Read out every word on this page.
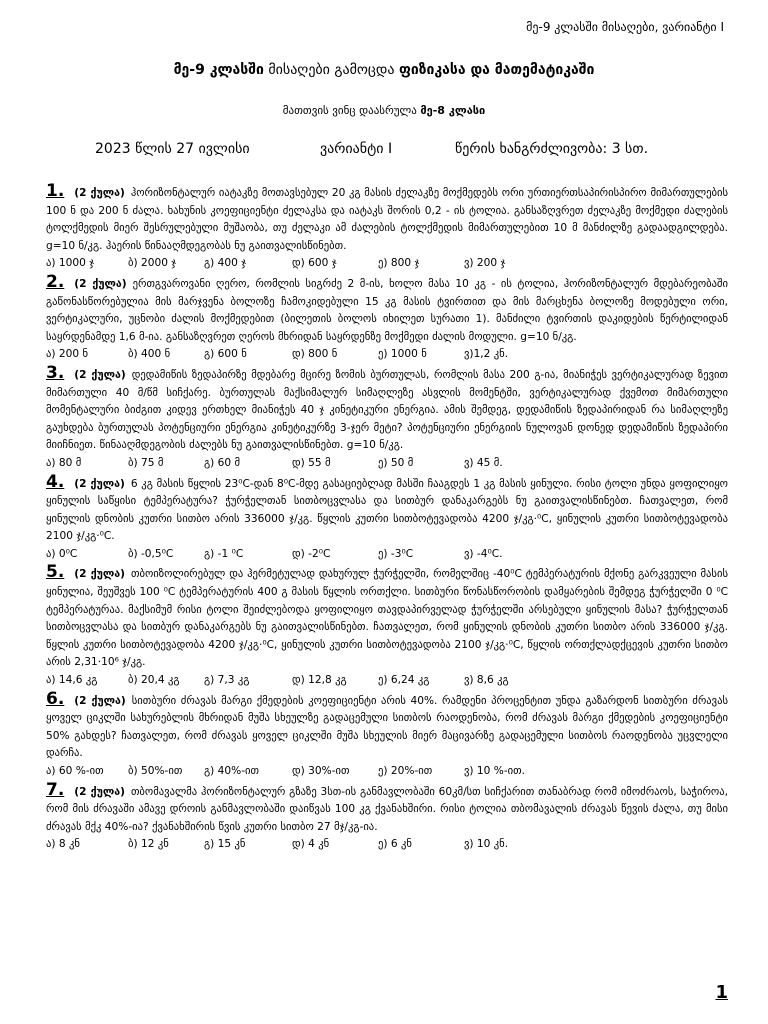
მე-9 კლასში მისაღები, ვარიანტი I
მე-9 კლასში მისაღები გამოცდა ფიზიკასა და მათემატიკაში
მათთვის ვინც დაასრულა მე-8 კლასი
2023 წლის 27 ივლისი	ვარიანტი I	წერის ხანგრძლივობა: 3 სთ.
1. (2 ქულა) ჰორიზონტალურ იატაკზე მოთავსებულ 20 კგ მასის ძელაკზე მოქმედებს ორი ურთიერთსაპირისპირო მიმართულების 100 ნ და 200 ნ ძალა. ხახუნის კოეფიციენტი ძელაკსა და იატაკს შორის 0,2 - ის ტოლია. განსაზღვრეთ ძელაკზე მოქმედი ძალების ტოლქმედის მიერ შესრულებული მუშაობა, თუ ძელაკი ამ ძალების ტოლქმედის მიმართულებით 10 მ მანძილზე გადაადგილდება. g=10 ნ/კგ. ჰაერის წინააღმდეგობას ნუ გაითვალისწინებთ.
ა) 1000 ჯ	ბ) 2000 ჯ	გ) 400 ჯ	დ) 600 ჯ	ე) 800 ჯ	ვ) 200 ჯ
2. (2 ქულა) ერთგვაროვანი ღერო, რომლის სიგრძე 2 მ-ის, ხოლო მასა 10 კგ - ის ტოლია, ჰორიზონტალურ მდებარეობაში გაწონასწორებულია მის მარჯვენა ბოლოზე ჩამოკიდებული 15 კგ მასის ტვირთით და მის მარცხენა ბოლოზე მოდებული ორი, ვერტიკალური, უცნობი ძალის მოქმედებით (ბილეთის ბოლოს იხილეთ სურათი 1). მანძილი ტვირთის დაკიდების წერტილიდან საყრდენამდე 1,6 მ-ია. განსაზღვრეთ ღეროს მხრიდან საყრდენზე მოქმედი ძალის მოდული. g=10 ნ/კგ.
ა) 200 ნ	ბ) 400 ნ	გ) 600 ნ	დ) 800 ნ	ე) 1000 ნ	ვ)1,2 კნ.
3. (2 ქულა) დედამიწის ზედაპირზე მდებარე მცირე ზომის ბურთულას, რომლის მასა 200 გ-ია, მიანიჭეს ვერტიკალურად ზევით მიმართული 40 მ/წმ სიჩქარე. ბურთულას მაქსიმალურ სიმაღლეზე ასვლის მომენტში, ვერტიკალურად ქვემოთ მიმართული მომენტალური ბიძგით კიდევ ერთხელ მიანიჭეს 40 ჯ კინეტიკური ენერგია. ამის შემდეგ, დედამიწის ზედაპირიდან რა სიმაღლეზე გაუხდება ბურთულას პოტენციური ენერგია კინეტიკურზე 3-ჯერ მეტი? პოტენციური ენერგიის ნულოვან დონედ დედამიწის ზედაპირი მიიჩნიეთ. წინააღმდეგობის ძალებს ნუ გაითვალისწინებთ. g=10 ნ/კგ.
ა) 80 მ	ბ) 75 მ	გ) 60 მ	დ) 55 მ	ე) 50 მ	ვ) 45 მ.
4. (2 ქულა) 6 კგ მასის წყლის 23⁰C-დან 8⁰C-მდე გასაციებლად მასში ჩააგდეს 1 კგ მასის ყინული. რისი ტოლი უნდა ყოფილიყო ყინულის საწყისი ტემპერატურა? ჭურჭელთან სითბოცვლასა და სითბურ დანაკარგებს ნუ გაითვალისწინებთ. ჩათვალეთ, რომ ყინულის დნობის კუთრი სითბო არის 336000 ჯ/კგ. წყლის კუთრი სითბოტევადობა 4200 ჯ/კგ·⁰C, ყინულის კუთრი სითბოტევადობა 2100 ჯ/კგ·⁰C.
ა) 0⁰C	ბ) -0,5⁰C	გ) -1 ⁰C	დ) -2⁰C	ე) -3⁰C	ვ) -4⁰C.
5. (2 ქულა) თბოიზოლირებულ და ჰერმეტულად დახურულ ჭურჭელში, რომელშიც -40⁰C ტემპერატურის მქონე გარკვეული მასის ყინულია, შეუშვეს 100 ⁰C ტემპერატურის 400 გ მასის წყლის ორთქლი. სითბური წონასწორობის დამყარების შემდეგ ჭურჭელში 0 ⁰C ტემპერატურაა. მაქსიმუმ რისი ტოლი შეიძლებოდა ყოფილიყო თავდაპირველად ჭურჭელში არსებული ყინულის მასა? ჭურჭელთან სითბოცვლასა და სითბურ დანაკარგებს ნუ გაითვალისწინებთ. ჩათვალეთ, რომ ყინულის დნობის კუთრი სითბო არის 336000 ჯ/კგ. წყლის კუთრი სითბოტევადობა 4200 ჯ/კგ·⁰C, ყინულის კუთრი სითბოტევადობა 2100 ჯ/კგ·⁰C, წყლის ორთქლადქცევის კუთრი სითბო არის 2,31·10⁶ ჯ/კგ.
ა) 14,6 კგ	ბ) 20,4 კგ გ) 7,3 კგ	დ) 12,8 კგ	ე) 6,24 კგ	ვ) 8,6 კგ
6. (2 ქულა) სითბური ძრავას მარგი ქმედების კოეფიციენტი არის 40%. რამდენი პროცენტით უნდა გაზარდონ სითბური ძრავას ყოველ ციკლში სახურებლის მხრიდან მუშა სხეულზე გადაცემული სითბოს რაოდენობა, რომ ძრავას მარგი ქმედების კოეფიციენტი 50% გახდეს? ჩათვალეთ, რომ ძრავას ყოველ ციკლში მუშა სხეულის მიერ მაცივარზე გადაცემული სითბოს რაოდენობა უცვლელი დარჩა.
ა) 60 %-ით ბ) 50%-ით გ) 40%-ით	დ) 30%-ით	ე) 20%-ით	ვ) 10 %-ით.
7. (2 ქულა) თბომავალმა ჰორიზონტალურ გზაზე 3სთ-ის განმავლობაში 60კმ/სთ სიჩქარით თანაბრად რომ იმოძრაოს, საჭიროა, რომ მის ძრავაში ამავე დროის განმავლობაში დაიწვას 100 კგ ქვანახშირი. რისი ტოლია თბომავალის ძრავას წევის ძალა, თუ მისი ძრავას მქკ 40%-ია? ქვანახშირის წვის კუთრი სითბო 27 მჯ/კგ-ია.
ა) 8 კნ	ბ) 12 კნ	გ) 15 კნ	დ) 4 კნ	ე) 6 კნ	ვ) 10 კნ.
1
